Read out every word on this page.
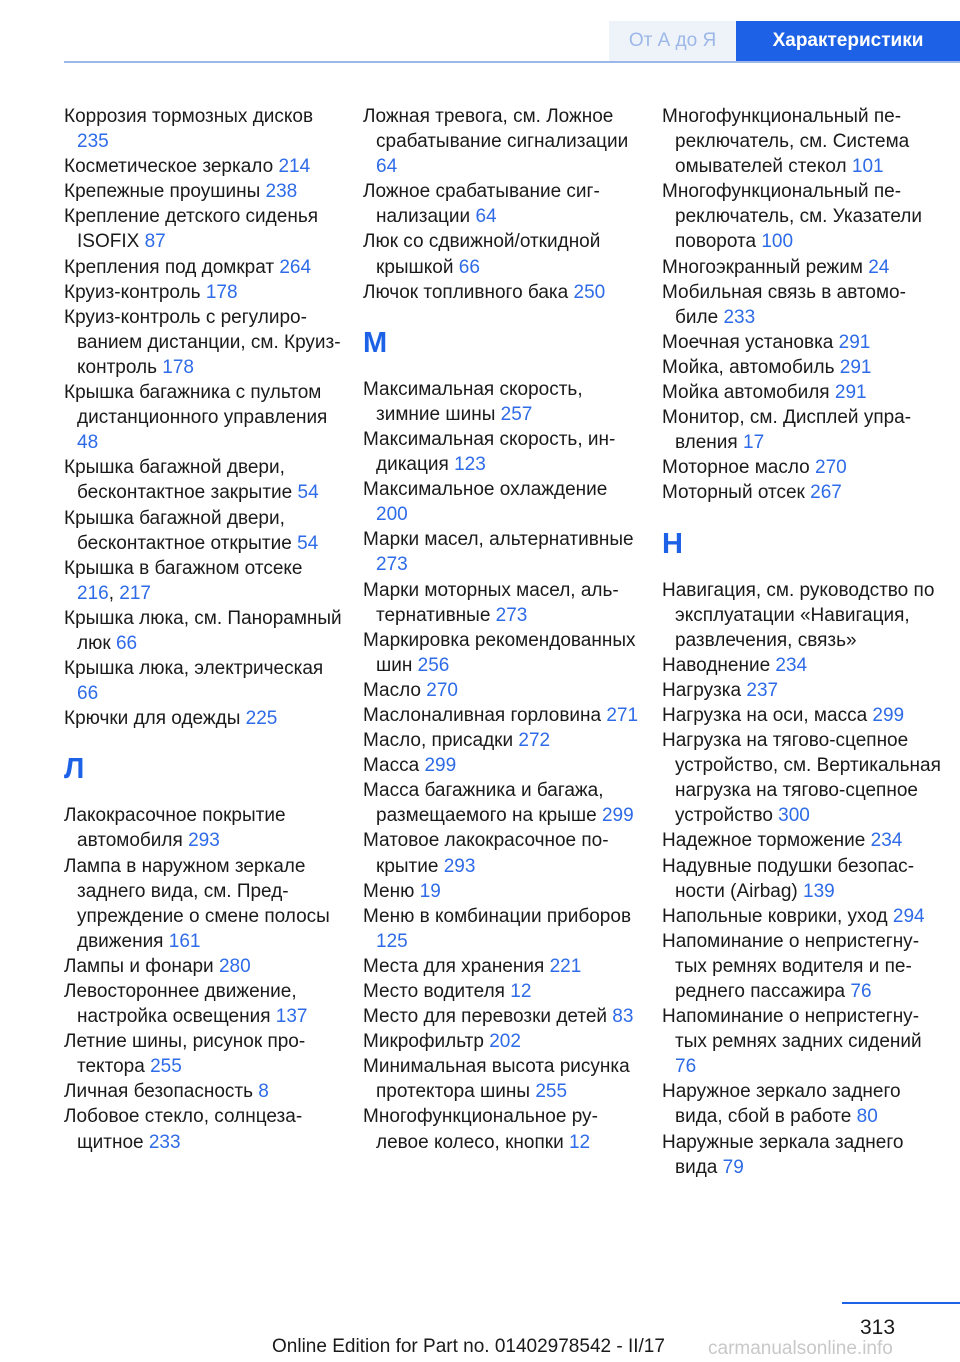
От А до Я	Характеристики
Коррозия тормозных дисков 235
Косметическое зеркало 214
Крепежные проушины 238
Крепление детского сиденья ISOFIX 87
Крепления под домкрат 264
Круиз-контроль 178
Круиз-контроль с регулированием дистанции, см. Круиз-контроль 178
Крышка багажника с пультом дистанционного управления 48
Крышка багажной двери, бесконтактное закрытие 54
Крышка багажной двери, бесконтактное открытие 54
Крышка в багажном отсеке 216, 217
Крышка люка, см. Панорамный люк 66
Крышка люка, электрическая 66
Крючки для одежды 225
Л
Лакокрасочное покрытие автомобиля 293
Лампа в наружном зеркале заднего вида, см. Предупреждение о смене полосы движения 161
Лампы и фонари 280
Левостороннее движение, настройка освещения 137
Летние шины, рисунок протектора 255
Личная безопасность 8
Лобовое стекло, солнцезащитное 233
Ложная тревога, см. Ложное срабатывание сигнализации 64
Ложное срабатывание сигнализации 64
Люк со сдвижной/откидной крышкой 66
Лючок топливного бака 250
М
Максимальная скорость, зимние шины 257
Максимальная скорость, индикация 123
Максимальное охлаждение 200
Марки масел, альтернативные 273
Марки моторных масел, альтернативные 273
Маркировка рекомендованных шин 256
Масло 270
Маслоналивная горловина 271
Масло, присадки 272
Масса 299
Масса багажника и багажа, размещаемого на крыше 299
Матовое лакокрасочное покрытие 293
Меню 19
Меню в комбинации приборов 125
Места для хранения 221
Место водителя 12
Место для перевозки детей 83
Микрофильтр 202
Минимальная высота рисунка протектора шины 255
Многофункциональное рулевое колесо, кнопки 12
Многофункциональный переключатель, см. Система омывателей стекол 101
Многофункциональный переключатель, см. Указатели поворота 100
Многоэкранный режим 24
Мобильная связь в автомобиле 233
Моечная установка 291
Мойка, автомобиль 291
Мойка автомобиля 291
Монитор, см. Дисплей управления 17
Моторное масло 270
Моторный отсек 267
Н
Навигация, см. руководство по эксплуатации «Навигация, развлечения, связь»
Наводнение 234
Нагрузка 237
Нагрузка на оси, масса 299
Нагрузка на тягово-сцепное устройство, см. Вертикальная нагрузка на тягово-сцепное устройство 300
Надежное торможение 234
Надувные подушки безопасности (Airbag) 139
Напольные коврики, уход 294
Напоминание о непристегнутых ремнях водителя и переднего пассажира 76
Напоминание о непристегнутых ремнях задних сидений 76
Наружное зеркало заднего вида, сбой в работе 80
Наружные зеркала заднего вида 79
313
Online Edition for Part no. 01402978542 - II/17 carmanualsonline.info
